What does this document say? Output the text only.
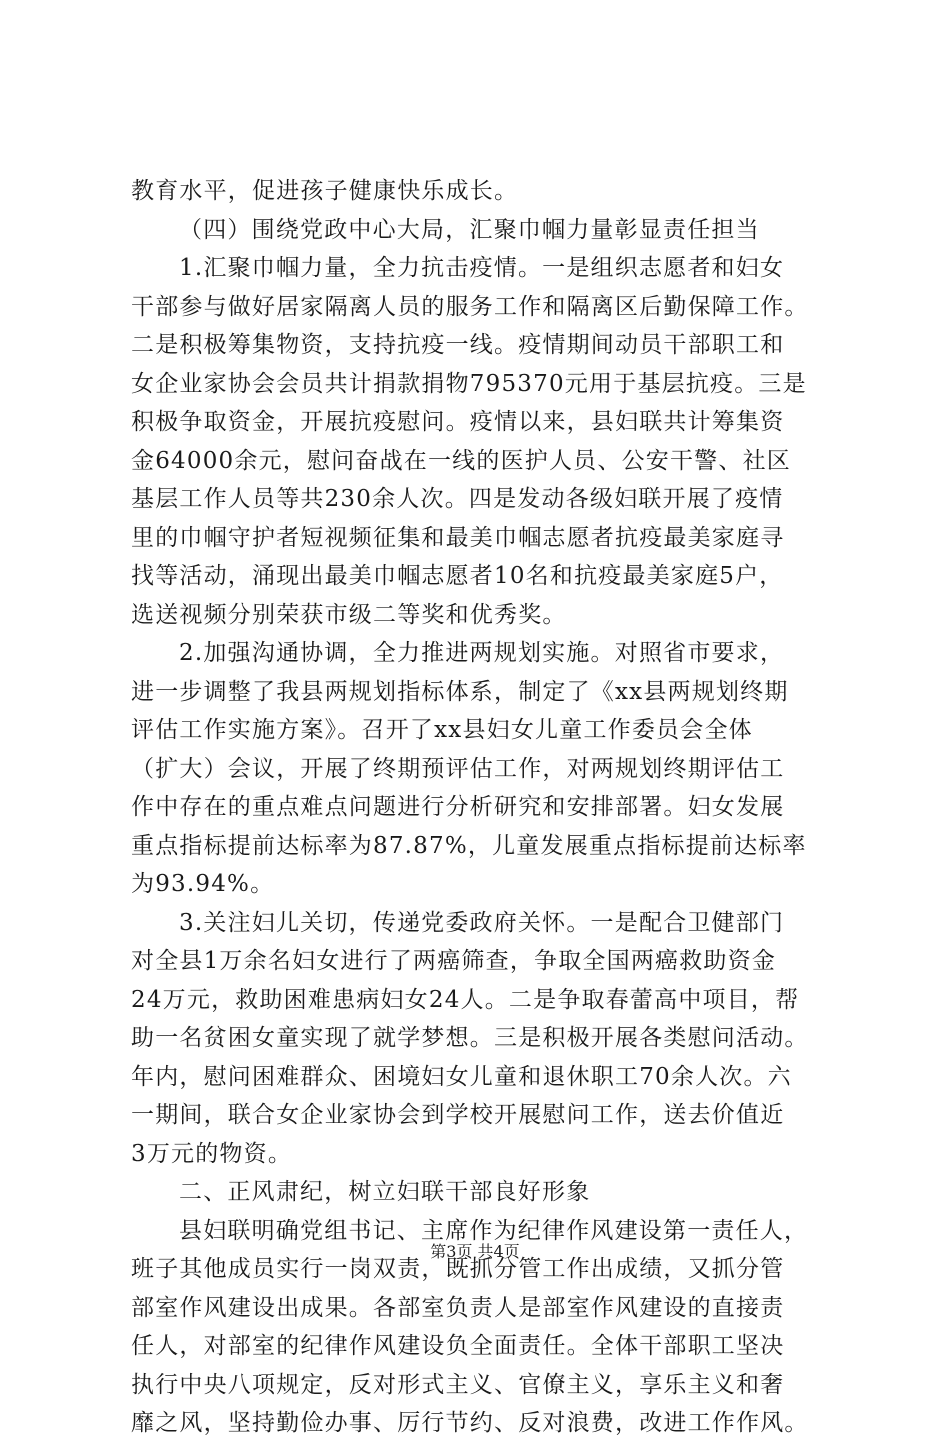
教育水平，促进孩子健康快乐成长。
（四）围绕党政中心大局，汇聚巾帼力量彰显责任担当
1.汇聚巾帼力量，全力抗击疫情。一是组织志愿者和妇女
干部参与做好居家隔离人员的服务工作和隔离区后勤保障工作。
二是积极筹集物资，支持抗疫一线。疫情期间动员干部职工和
女企业家协会会员共计捐款捐物795370元用于基层抗疫。三是
积极争取资金，开展抗疫慰问。疫情以来，县妇联共计筹集资
金64000余元，慰问奋战在一线的医护人员、公安干警、社区
基层工作人员等共230余人次。四是发动各级妇联开展了疫情
里的巾帼守护者短视频征集和最美巾帼志愿者抗疫最美家庭寻
找等活动，涌现出最美巾帼志愿者10名和抗疫最美家庭5户，
选送视频分别荣获市级二等奖和优秀奖。
2.加强沟通协调，全力推进两规划实施。对照省市要求，
进一步调整了我县两规划指标体系，制定了《xx县两规划终期
评估工作实施方案》。召开了xx县妇女儿童工作委员会全体
（扩大）会议，开展了终期预评估工作，对两规划终期评估工
作中存在的重点难点问题进行分析研究和安排部署。妇女发展
重点指标提前达标率为87.87%，儿童发展重点指标提前达标率
为93.94%。
3.关注妇儿关切，传递党委政府关怀。一是配合卫健部门
对全县1万余名妇女进行了两癌筛查，争取全国两癌救助资金
24万元，救助困难患病妇女24人。二是争取春蕾高中项目，帮
助一名贫困女童实现了就学梦想。三是积极开展各类慰问活动。
年内，慰问困难群众、困境妇女儿童和退休职工70余人次。六
一期间，联合女企业家协会到学校开展慰问工作，送去价值近
3万元的物资。
二、正风肃纪，树立妇联干部良好形象
县妇联明确党组书记、主席作为纪律作风建设第一责任人，
班子其他成员实行一岗双责，既抓分管工作出成绩，又抓分管
部室作风建设出成果。各部室负责人是部室作风建设的直接责
任人，对部室的纪律作风建设负全面责任。全体干部职工坚决
执行中央八项规定，反对形式主义、官僚主义，享乐主义和奢
靡之风，坚持勤俭办事、厉行节约、反对浪费，改进工作作风。
第3页 共4页
